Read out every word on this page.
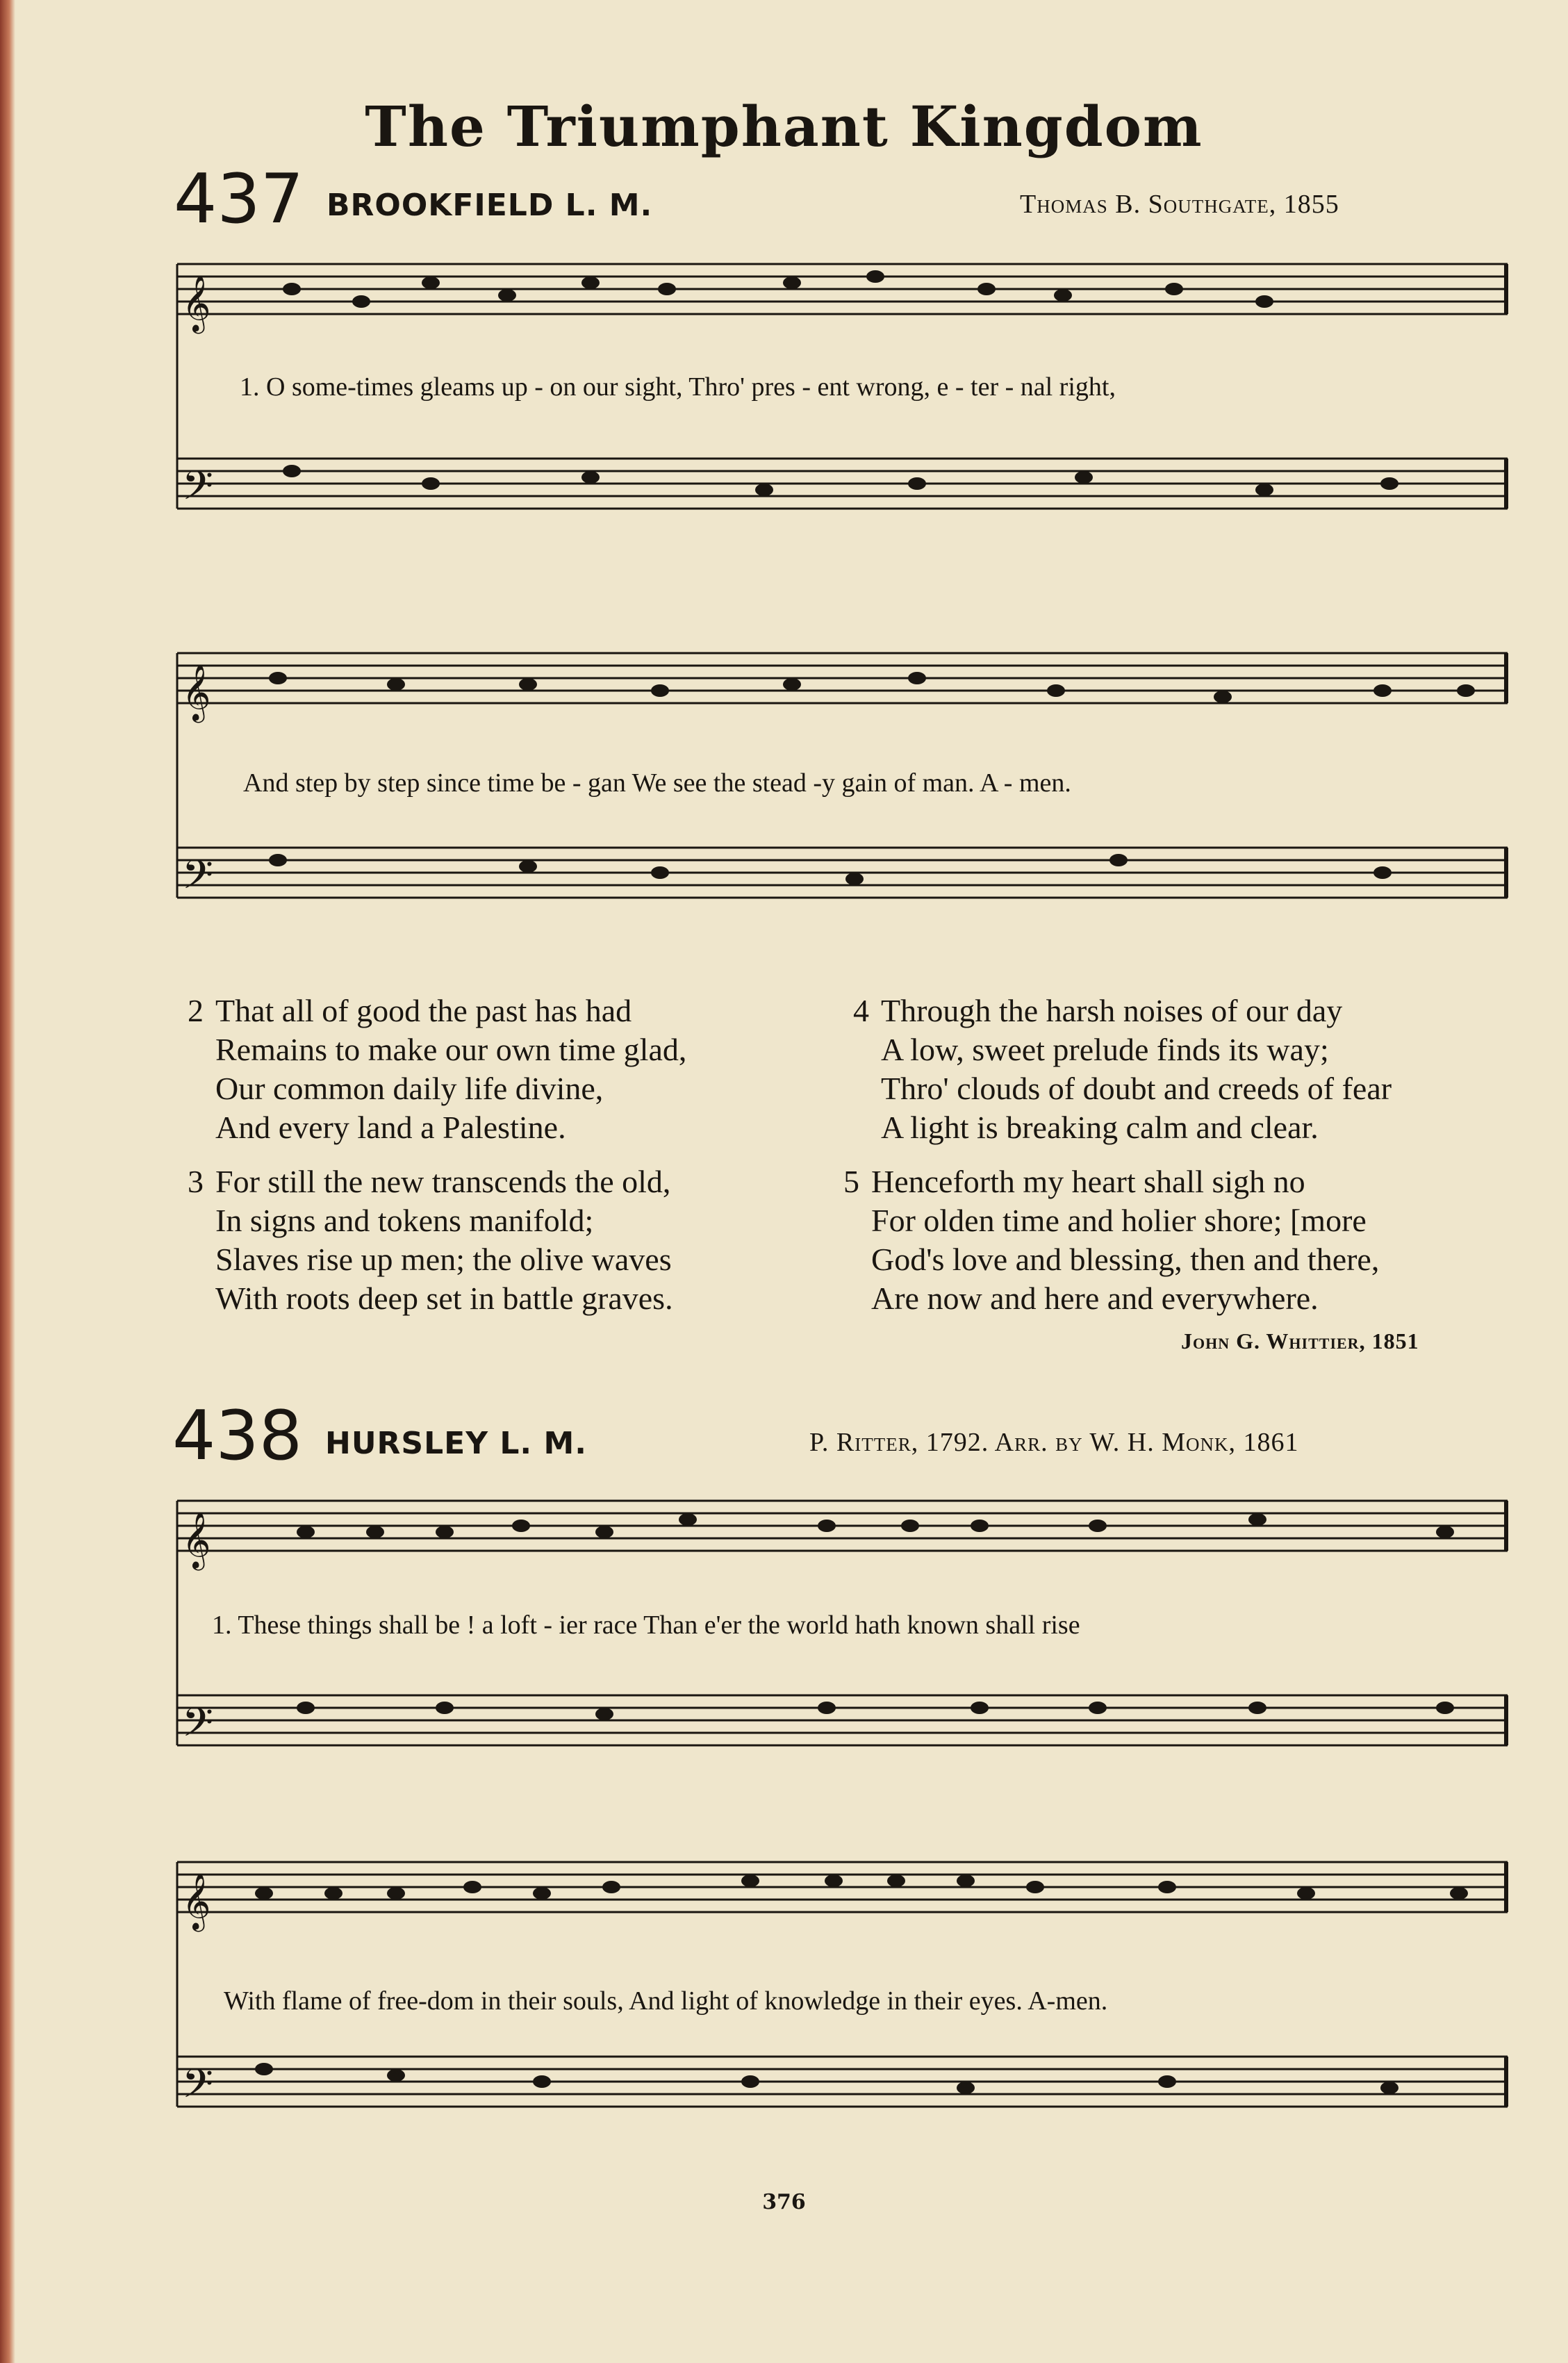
The Triumphant Kingdom
437 BROOKFIELD L. M.	Thomas B. Southgate, 1855
𝄞
𝄢
1. O some-times gleams up - on our sight, Thro' pres - ent wrong, e - ter - nal right,
𝄞
𝄢
And step by step since time be - gan We see the stead -y gain of man. A - men.
2 That all of good the past has had
Remains to make our own time glad,
Our common daily life divine,
And every land a Palestine.
3 For still the new transcends the old,
In signs and tokens manifold;
Slaves rise up men; the olive waves
With roots deep set in battle graves.
4 Through the harsh noises of our day
A low, sweet prelude finds its way;
Thro' clouds of doubt and creeds of fear
A light is breaking calm and clear.
5 Henceforth my heart shall sigh no
For olden time and holier shore; [more
God's love and blessing, then and there,
Are now and here and everywhere.
John G. Whittier, 1851
438 HURSLEY L. M.	P. Ritter, 1792. Arr. by W. H. Monk, 1861
𝄞
𝄢
1. These things shall be ! a loft - ier race Than e'er the world hath known shall rise
𝄞
𝄢
With flame of free-dom in their souls, And light of knowledge in their eyes. A-men.
376
